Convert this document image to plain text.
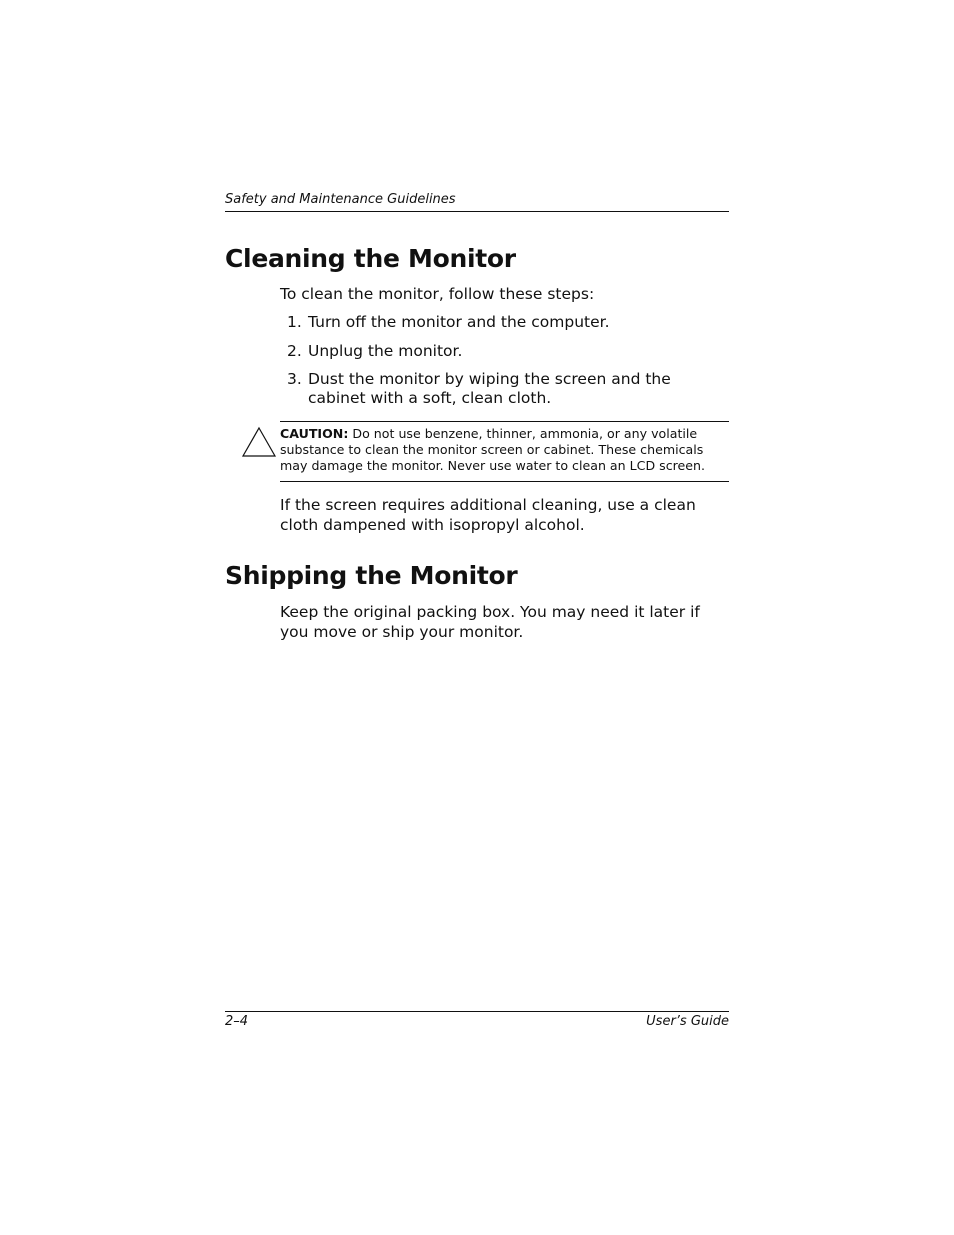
Safety and Maintenance Guidelines
Cleaning the Monitor

To clean the monitor, follow these steps:

1. Turn off the monitor and the computer.
2. Unplug the monitor.
3. Dust the monitor by wiping the screen and the cabinet with a soft, clean cloth.

CAUTION: Do not use benzene, thinner, ammonia, or any volatile substance to clean the monitor screen or cabinet. These chemicals may damage the monitor. Never use water to clean an LCD screen.

If the screen requires additional cleaning, use a clean cloth dampened with isopropyl alcohol.

Shipping the Monitor

Keep the original packing box. You may need it later if you move or ship your monitor.

2–4	User’s Guide
